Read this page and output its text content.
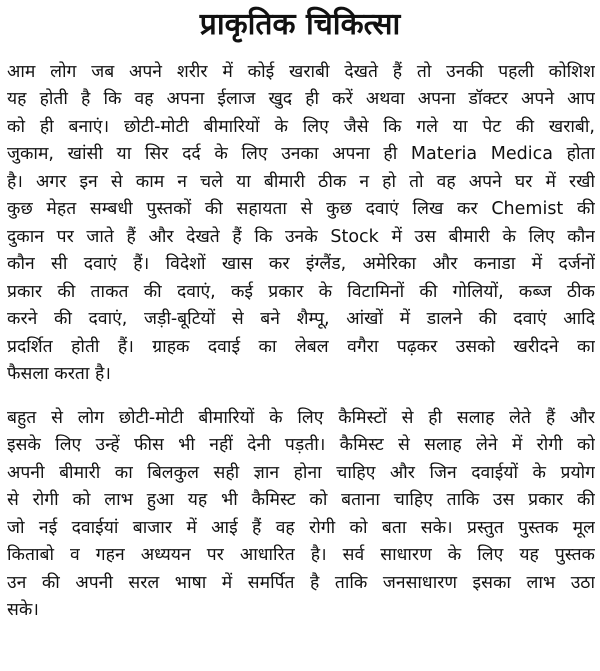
प्राकृतिक चिकित्सा
आम लोग जब अपने शरीर में कोई खराबी देखते हैं तो उनकी पहली कोशिश
यह होती है कि वह अपना ईलाज खुद ही करें अथवा अपना डॉक्टर अपने आप
को ही बनाएं। छोटी-मोटी बीमारियों के लिए जैसे कि गले या पेट की खराबी,
जुकाम, खांसी या सिर दर्द के लिए उनका अपना ही Materia Medica होता
है। अगर इन से काम न चले या बीमारी ठीक न हो तो वह अपने घर में रखी
कुछ मेहत सम्बधी पुस्तकों की सहायता से कुछ दवाएं लिख कर Chemist की
दुकान पर जाते हैं और देखते हैं कि उनके Stock में उस बीमारी के लिए कौन
कौन सी दवाएं हैं। विदेशों खास कर इंग्लैंड, अमेरिका और कनाडा में दर्जनों
प्रकार की ताकत की दवाएं, कई प्रकार के विटामिनों की गोलियों, कब्ज ठीक
करने की दवाएं, जड़ी-बूटियों से बने शैम्पू, आंखों में डालने की दवाएं आदि
प्रदर्शित होती हैं। ग्राहक दवाई का लेबल वगैरा पढ़कर उसको खरीदने का
फैसला करता है।
बहुत से लोग छोटी-मोटी बीमारियों के लिए कैमिस्टों से ही सलाह लेते हैं और
इसके लिए उन्हें फीस भी नहीं देनी पड़ती। कैमिस्ट से सलाह लेने में रोगी को
अपनी बीमारी का बिलकुल सही ज्ञान होना चाहिए और जिन दवाईयों के प्रयोग
से रोगी को लाभ हुआ यह भी कैमिस्ट को बताना चाहिए ताकि उस प्रकार की
जो नई दवाईयां बाजार में आई हैं वह रोगी को बता सके। प्रस्तुत पुस्तक मूल
किताबो व गहन अध्ययन पर आधारित है। सर्व साधारण के लिए यह पुस्तक
उन की अपनी सरल भाषा में समर्पित है ताकि जनसाधारण इसका लाभ उठा
सके।
